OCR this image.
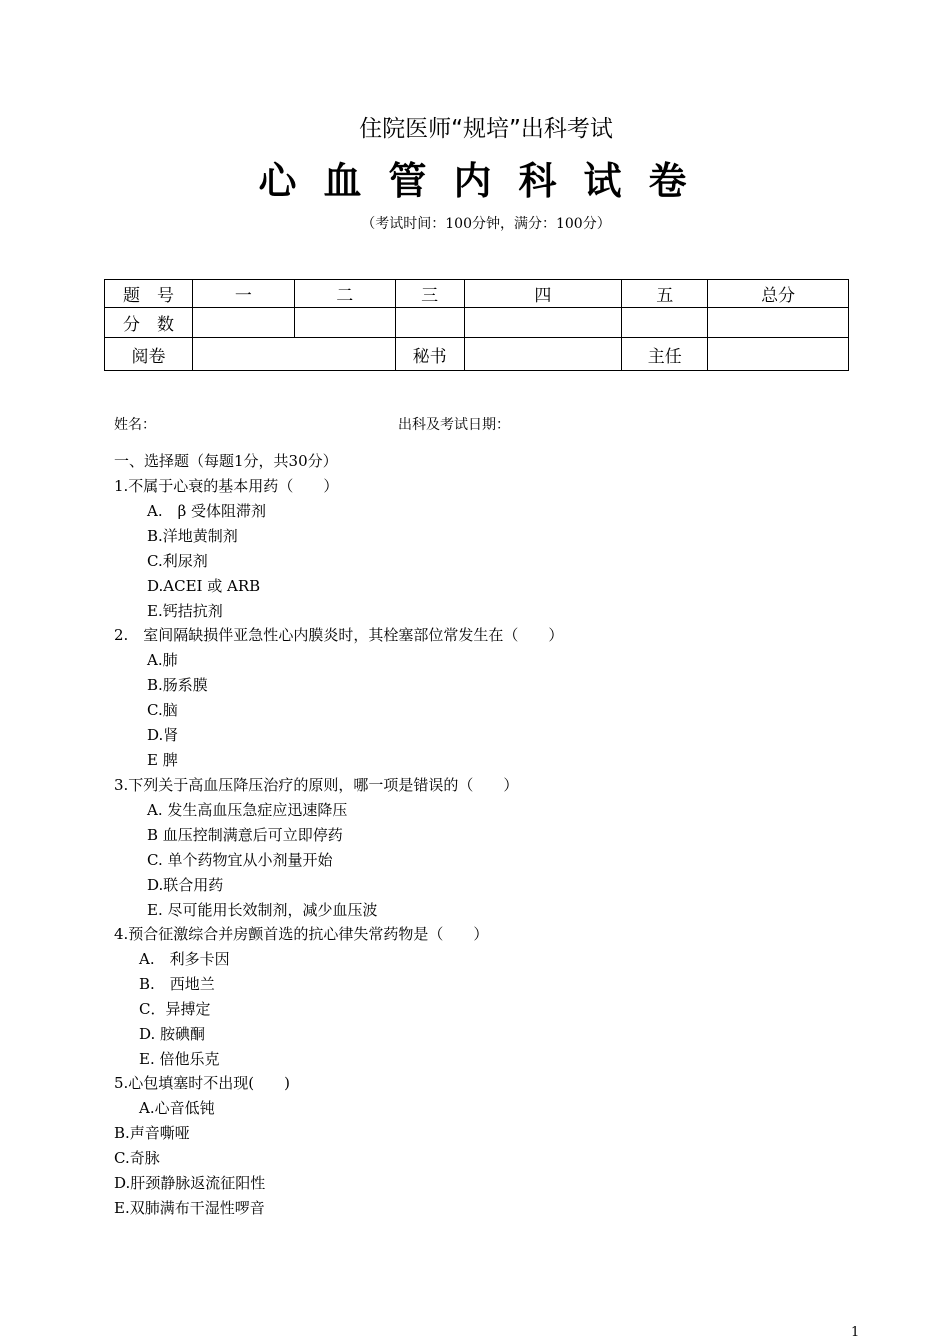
住院医师“规培”出科考试
心血管内科试卷
（考试时间：100分钟，满分：100分）
题　号	一	二	三	四	五	总分
分　数						
阅卷			秘书		主任	
姓名：	出科及考试日期：
一、选择题（每题1分，共30分）
1.不属于心衰的基本用药（　　）
A.　β 受体阻滞剂
B.洋地黄制剂
C.利尿剂
D.ACEI 或 ARB
E.钙拮抗剂
2.　室间隔缺损伴亚急性心内膜炎时，其栓塞部位常发生在（　　）
A.肺
B.肠系膜
C.脑
D.肾
E 脾
3.下列关于高血压降压治疗的原则，哪一项是错误的（　　）
A. 发生高血压急症应迅速降压
B 血压控制满意后可立即停药
C. 单个药物宜从小剂量开始
D.联合用药
E. 尽可能用长效制剂，减少血压波
4.预合征激综合并房颤首选的抗心律失常药物是（　　）
A.　利多卡因
B.　西地兰
C．异搏定
D. 胺碘酮
E. 倍他乐克
5.心包填塞时不出现(　　)
A.心音低钝
B.声音嘶哑
C.奇脉
D.肝颈静脉返流征阳性
E.双肺满布干湿性啰音
1
